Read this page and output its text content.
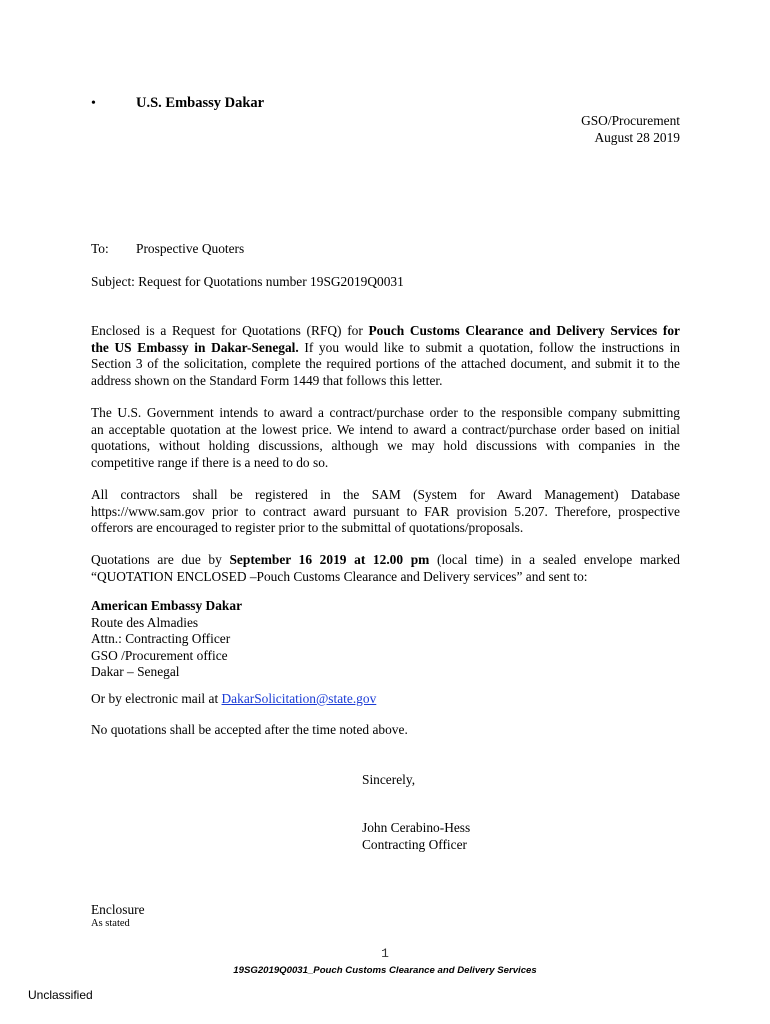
•	U.S. Embassy Dakar
GSO/Procurement
August 28 2019
To: Prospective Quoters
Subject: Request for Quotations number 19SG2019Q0031
Enclosed is a Request for Quotations (RFQ) for Pouch Customs Clearance and Delivery Services for
the US Embassy in Dakar-Senegal. If you would like to submit a quotation, follow the instructions in
Section 3 of the solicitation, complete the required portions of the attached document, and submit it to the
address shown on the Standard Form 1449 that follows this letter.
The U.S. Government intends to award a contract/purchase order to the responsible company submitting
an acceptable quotation at the lowest price. We intend to award a contract/purchase order based on initial
quotations, without holding discussions, although we may hold discussions with companies in the
competitive range if there is a need to do so.
All contractors shall be registered in the SAM (System for Award Management) Database
https://www.sam.gov prior to contract award pursuant to FAR provision 5.207. Therefore, prospective
offerors are encouraged to register prior to the submittal of quotations/proposals.
Quotations are due by September 16 2019 at 12.00 pm (local time) in a sealed envelope marked
“QUOTATION ENCLOSED –Pouch Customs Clearance and Delivery services” and sent to:
American Embassy Dakar
Route des Almadies
Attn.: Contracting Officer
GSO /Procurement office
Dakar – Senegal
Or by electronic mail at DakarSolicitation@state.gov
No quotations shall be accepted after the time noted above.
Sincerely,
John Cerabino-Hess
Contracting Officer
Enclosure
As stated
1
19SG2019Q0031_Pouch Customs Clearance and Delivery Services
Unclassified
